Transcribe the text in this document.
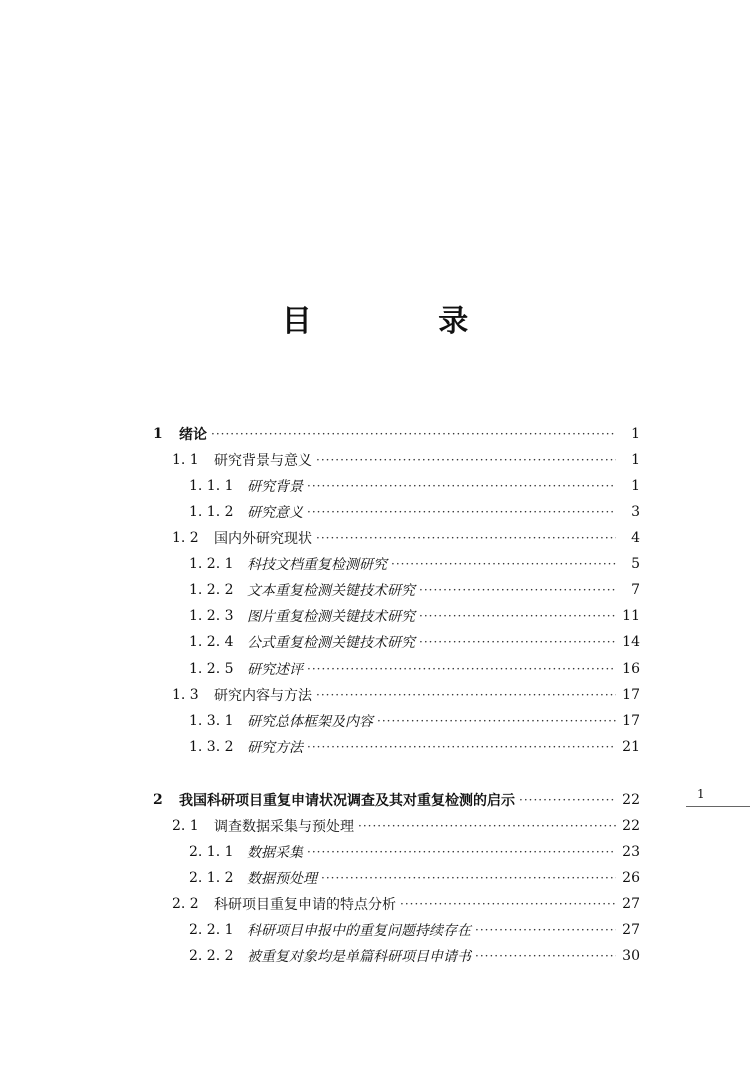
目 录
1	绪论 ·····	1
1. 1	研究背景与意义 ·····	1
1. 1. 1 研究背景 ·····	1
1. 1. 2 研究意义 ·····	3
1. 2	国内外研究现状 ·····	4
1. 2. 1 科技文档重复检测研究 ·····	5
1. 2. 2 文本重复检测关键技术研究 ·····	7
1. 2. 3 图片重复检测关键技术研究 ·····	11
1. 2. 4 公式重复检测关键技术研究 ·····	14
1. 2. 5 研究述评 ·····	16
1. 3	研究内容与方法 ·····	17
1. 3. 1 研究总体框架及内容 ·····	17
1. 3. 2 研究方法 ·····	21
2	我国科研项目重复申请状况调查及其对重复检测的启示 ·····	22
2. 1	调查数据采集与预处理 ·····	22
2. 1. 1 数据采集 ·····	23
2. 1. 2 数据预处理 ·····	26
2. 2	科研项目重复申请的特点分析 ·····	27
2. 2. 1 科研项目申报中的重复问题持续存在 ·····	27
2. 2. 2 被重复对象均是单篇科研项目申请书 ·····	30
1
